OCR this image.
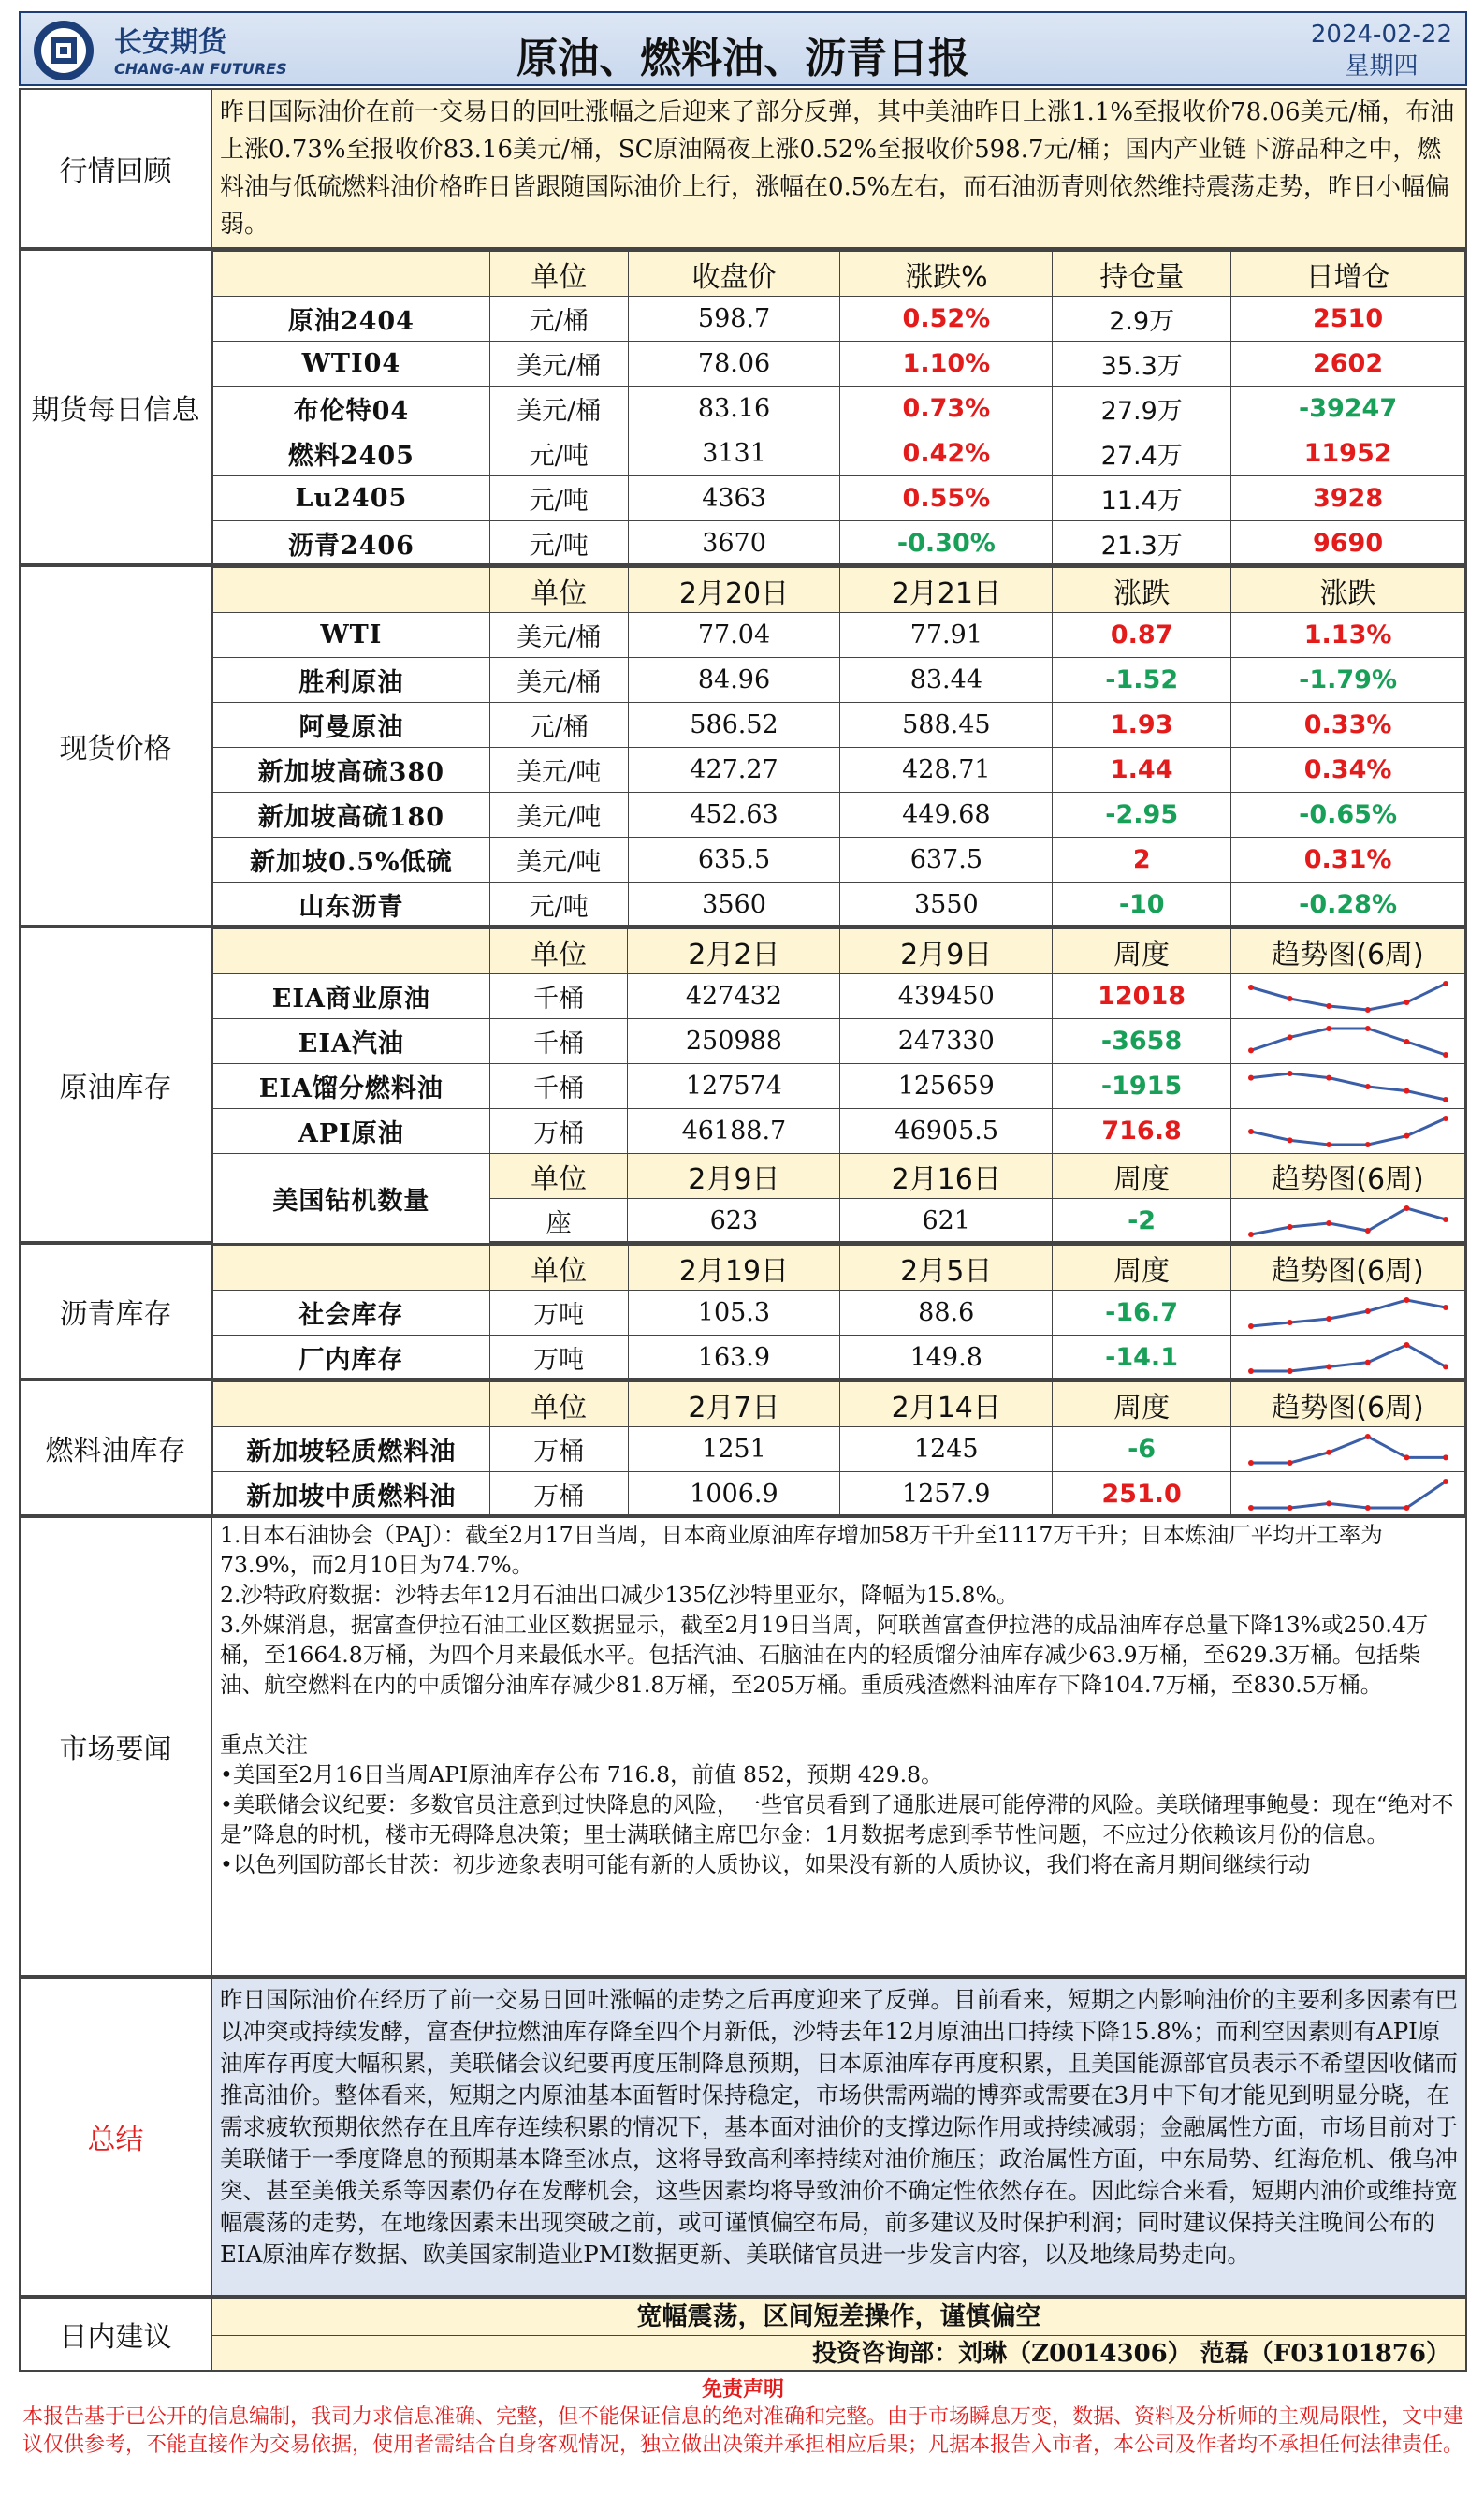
长安期货
CHANG-AN FUTURES	原油、燃料油、沥青日报	2024-02-22
星期四
行情回顾
昨日国际油价在前一交易日的回吐涨幅之后迎来了部分反弹，其中美油昨日上涨1.1%至报收价78.06美元/桶，布油上涨0.73%至报收价83.16美元/桶，SC原油隔夜上涨0.52%至报收价598.7元/桶；国内产业链下游品种之中，燃料油与低硫燃料油价格昨日皆跟随国际油价上行，涨幅在0.5%左右，而石油沥青则依然维持震荡走势，昨日小幅偏弱。
期货每日信息
	单位	收盘价	涨跌%	持仓量	日增仓
原油2404	元/桶	598.7	0.52%	2.9万	2510
WTI04	美元/桶	78.06	1.10%	35.3万	2602
布伦特04	美元/桶	83.16	0.73%	27.9万	-39247
燃料2405	元/吨	3131	0.42%	27.4万	11952
Lu2405	元/吨	4363	0.55%	11.4万	3928
沥青2406	元/吨	3670	-0.30%	21.3万	9690
现货价格
	单位	2月20日	2月21日	涨跌	涨跌
WTI	美元/桶	77.04	77.91	0.87	1.13%
胜利原油	美元/桶	84.96	83.44	-1.52	-1.79%
阿曼原油	元/桶	586.52	588.45	1.93	0.33%
新加坡高硫380	美元/吨	427.27	428.71	1.44	0.34%
新加坡高硫180	美元/吨	452.63	449.68	-2.95	-0.65%
新加坡0.5%低硫	美元/吨	635.5	637.5	2	0.31%
山东沥青	元/吨	3560	3550	-10	-0.28%
原油库存
	单位	2月2日	2月9日	周度	趋势图(6周)
EIA商业原油	千桶	427432	439450	12018	

EIA汽油	千桶	250988	247330	-3658	

EIA馏分燃料油	千桶	127574	125659	-1915	

API原油	万桶	46188.7	46905.5	716.8	

美国钻机数量	单位	2月9日	2月16日	周度	趋势图(6周)
	座	623	621	-2	
沥青库存
	单位	2月19日	2月5日	周度	趋势图(6周)
社会库存	万吨	105.3	88.6	-16.7	

厂内库存	万吨	163.9	149.8	-14.1	
燃料油库存
	单位	2月7日	2月14日	周度	趋势图(6周)
新加坡轻质燃料油	万桶	1251	1245	-6	

新加坡中质燃料油	万桶	1006.9	1257.9	251.0	
市场要闻

1.日本石油协会（PAJ）：截至2月17日当周，日本商业原油库存增加58万千升至1117万千升；日本炼油厂平均开工率为73.9%，而2月10日为74.7%。

2.沙特政府数据：沙特去年12月石油出口减少135亿沙特里亚尔，降幅为15.8%。

3.外媒消息，据富查伊拉石油工业区数据显示，截至2月19日当周，阿联酋富查伊拉港的成品油库存总量下降13%或250.4万桶，至1664.8万桶，为四个月来最低水平。包括汽油、石脑油在内的轻质馏分油库存减少63.9万桶，至629.3万桶。包括柴油、航空燃料在内的中质馏分油库存减少81.8万桶，至205万桶。重质残渣燃料油库存下降104.7万桶，至830.5万桶。

重点关注

•美国至2月16日当周API原油库存公布 716.8，前值 852，预期 429.8。

•美联储会议纪要：多数官员注意到过快降息的风险，一些官员看到了通胀进展可能停滞的风险。美联储理事鲍曼：现在“绝对不是”降息的时机，楼市无碍降息决策；里士满联储主席巴尔金：1月数据考虑到季节性问题，不应过分依赖该月份的信息。

•以色列国防部长甘茨：初步迹象表明可能有新的人质协议，如果没有新的人质协议，我们将在斋月期间继续行动

总结
昨日国际油价在经历了前一交易日回吐涨幅的走势之后再度迎来了反弹。目前看来，短期之内影响油价的主要利多因素有巴以冲突或持续发酵，富查伊拉燃油库存降至四个月新低，沙特去年12月原油出口持续下降15.8%；而利空因素则有API原油库存再度大幅积累，美联储会议纪要再度压制降息预期，日本原油库存再度积累，且美国能源部官员表示不希望因收储而推高油价。整体看来，短期之内原油基本面暂时保持稳定，市场供需两端的博弈或需要在3月中下旬才能见到明显分晓，在需求疲软预期依然存在且库存连续积累的情况下，基本面对油价的支撑边际作用或持续减弱；金融属性方面，市场目前对于美联储于一季度降息的预期基本降至冰点，这将导致高利率持续对油价施压；政治属性方面，中东局势、红海危机、俄乌冲突、甚至美俄关系等因素仍存在发酵机会，这些因素均将导致油价不确定性依然存在。因此综合来看，短期内油价或维持宽幅震荡的走势，在地缘因素未出现突破之前，或可谨慎偏空布局，前多建议及时保护利润；同时建议保持关注晚间公布的EIA原油库存数据、欧美国家制造业PMI数据更新、美联储官员进一步发言内容，以及地缘局势走向。
日内建议
宽幅震荡，区间短差操作，谨慎偏空
投资咨询部：刘琳（Z0014306） 范磊（F03101876）
免责声明
本报告基于已公开的信息编制，我司力求信息准确、完整，但不能保证信息的绝对准确和完整。由于市场瞬息万变，数据、资料及分析师的主观局限性，文中建议仅供参考，不能直接作为交易依据，使用者需结合自身客观情况，独立做出决策并承担相应后果；凡据本报告入市者，本公司及作者均不承担任何法律责任。
